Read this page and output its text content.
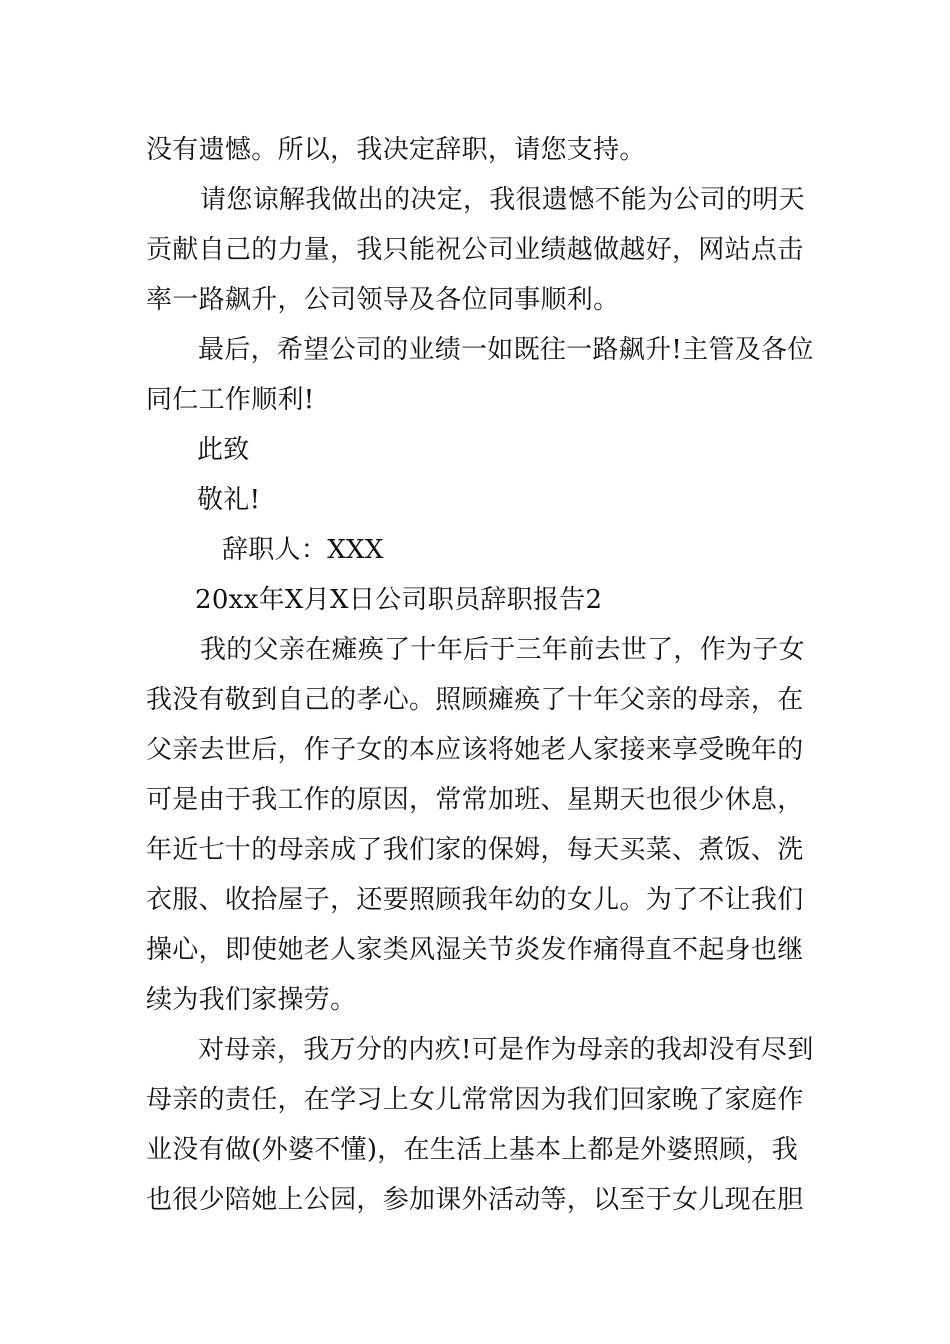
没有遗憾。所以，我决定辞职，请您支持。
请您谅解我做出的决定，我很遗憾不能为公司的明天
贡献自己的力量，我只能祝公司业绩越做越好，网站点击
率一路飙升，公司领导及各位同事顺利。
最后，希望公司的业绩一如既往一路飙升!主管及各位
同仁工作顺利!
此致
敬礼!
辞职人：XXX
20xx年X月X日公司职员辞职报告2
我的父亲在瘫痪了十年后于三年前去世了，作为子女
我没有敬到自己的孝心。照顾瘫痪了十年父亲的母亲，在
父亲去世后，作子女的本应该将她老人家接来享受晚年的
可是由于我工作的原因，常常加班、星期天也很少休息，
年近七十的母亲成了我们家的保姆，每天买菜、煮饭、洗
衣服、收拾屋子，还要照顾我年幼的女儿。为了不让我们
操心，即使她老人家类风湿关节炎发作痛得直不起身也继
续为我们家操劳。
对母亲，我万分的内疚!可是作为母亲的我却没有尽到
母亲的责任，在学习上女儿常常因为我们回家晚了家庭作
业没有做(外婆不懂)，在生活上基本上都是外婆照顾，我
也很少陪她上公园，参加课外活动等，以至于女儿现在胆
